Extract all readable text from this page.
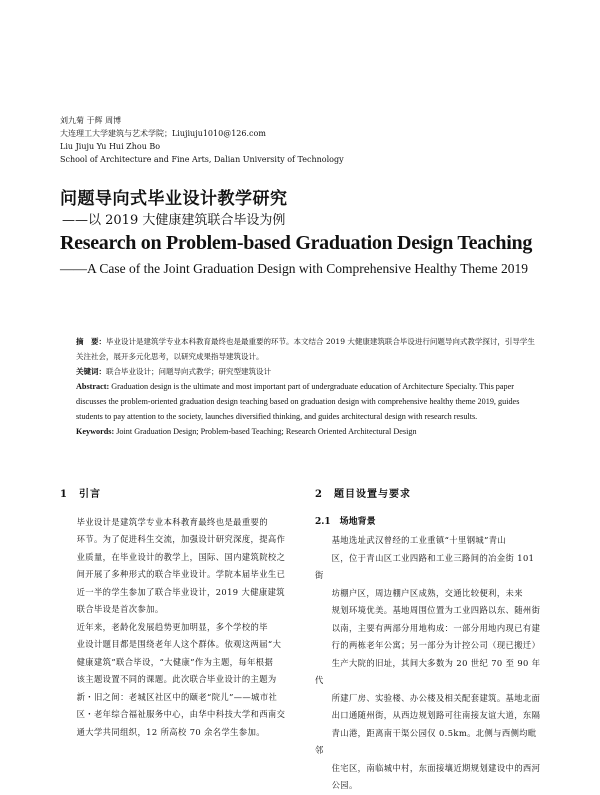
刘九菊 于辉 周博
大连理工大学建筑与艺术学院；Liujiuju1010@126.com
Liu Jiuju Yu Hui Zhou Bo
School of Architecture and Fine Arts, Dalian University of Technology
问题导向式毕业设计教学研究
——以 2019 大健康建筑联合毕设为例
Research on Problem-based Graduation Design Teaching
——A Case of the Joint Graduation Design with Comprehensive Healthy Theme 2019

摘　要：毕业设计是建筑学专业本科教育最终也是最重要的环节。本文结合 2019 大健康建筑联合毕设进行问题导向式教学探讨，引导学生关注社会，展开多元化思考，以研究成果指导建筑设计。

关键词：联合毕业设计；问题导向式教学；研究型建筑设计

Abstract: Graduation design is the ultimate and most important part of undergraduate education of Architecture Specialty. This paper discusses the problem-oriented graduation design teaching based on graduation design with comprehensive healthy theme 2019, guides students to pay attention to the society, launches diversified thinking, and guides architectural design with research results.

Keywords: Joint Graduation Design; Problem-based Teaching; Research Oriented Architectural Design

1　引言

毕业设计是建筑学专业本科教育最终也是最重要的
环节。为了促进科生交流，加强设计研究深度，提高作
业质量，在毕业设计的教学上，国际、国内建筑院校之
间开展了多种形式的联合毕业设计。学院本届毕业生已
近一半的学生参加了联合毕业设计，2019 大健康建筑
联合毕设是首次参加。

近年来，老龄化发展趋势更加明显，多个学校的毕
业设计题目都是围绕老年人这个群体。依观这两届“大
健康建筑”联合毕设，“大健康”作为主题，每年根据
该主题设置不同的课题。此次联合毕业设计的主题为
新・旧之间：老城区社区中的颐老“院儿”——城市社
区・老年综合福祉服务中心，由华中科技大学和西南交
通大学共同组织，12 所高校 70 余名学生参加。

2　题目设置与要求
2.1　场地背景

基地选址武汉曾经的工业重镇“十里钢城”青山
区，位于青山区工业四路和工业三路间的冶金街 101 街
坊棚户区，周边棚户区成熟，交通比较便利，未来
规划环境优美。基地周围位置为工业四路以东、随州街
以南，主要有两部分用地构成：一部分用地内现已有建
行的两栋老年公寓；另一部分为计控公司（现已搬迁）
生产大院的旧址，其间大多数为 20 世纪 70 至 90 年代
所建厂房、实验楼、办公楼及相关配套建筑。基地北面
出口通随州街，从西边规划路可往南接友谊大道，东隔
青山港，距离南干渠公园仅 0.5km。北侧与西侧均毗邻
住宅区，南临城中村，东面接壤近期规划建设中的西河
公园。
